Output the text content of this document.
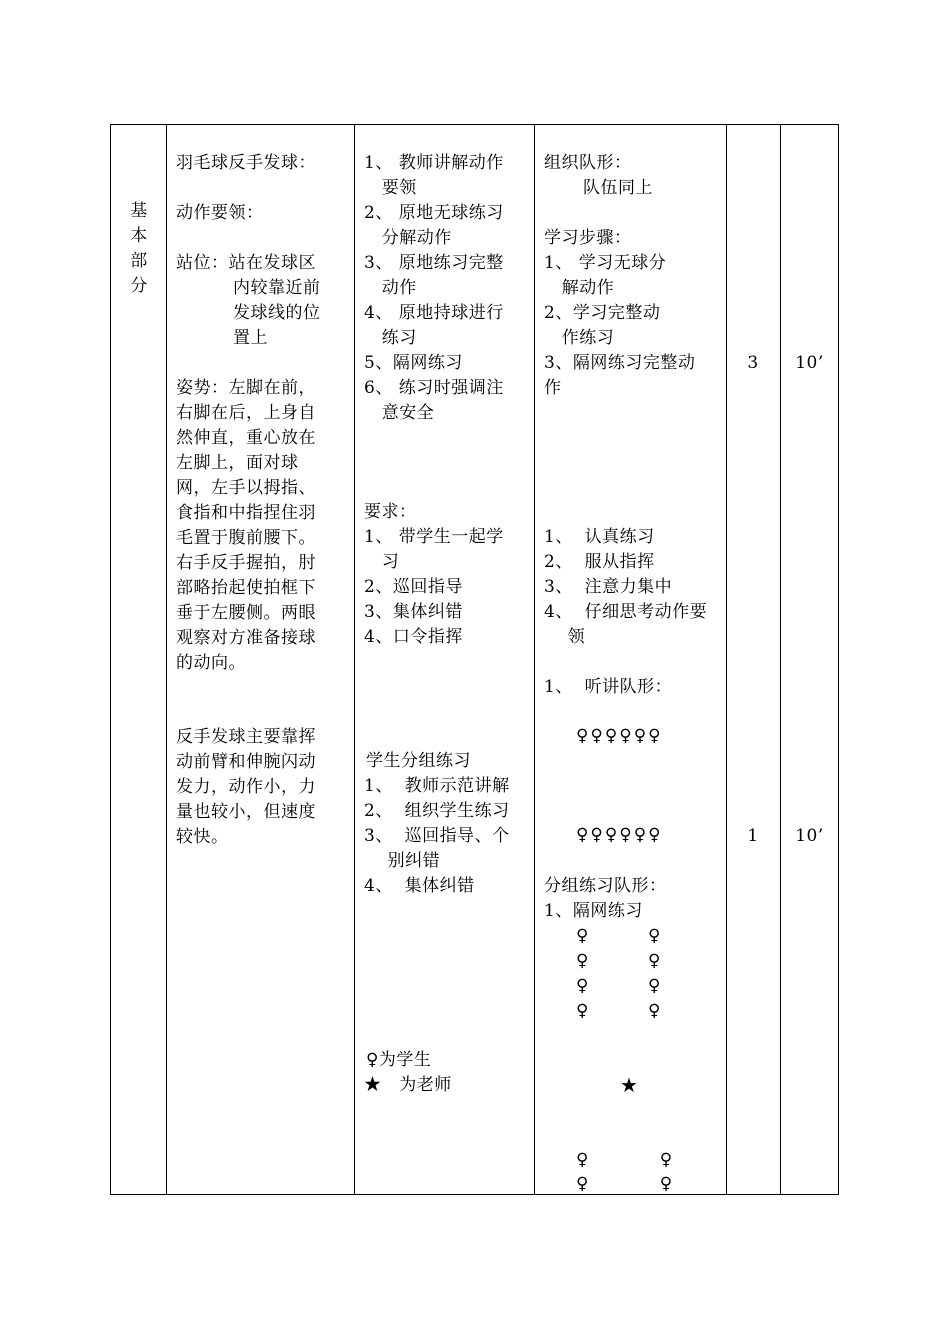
基
本
部
分
羽毛球反手发球：
动作要领：
站位：站在发球区
内较靠近前
发球线的位
置上
姿势：左脚在前，
右脚在后，上身自
然伸直，重心放在
左脚上，面对球
网，左手以拇指、
食指和中指捏住羽
毛置于腹前腰下。
右手反手握拍，肘
部略抬起使拍框下
垂于左腰侧。两眼
观察对方准备接球
的动向。
反手发球主要靠挥
动前臂和伸腕闪动
发力，动作小，力
量也较小，但速度
较快。
1、 教师讲解动作
要领
2、 原地无球练习
分解动作
3、 原地练习完整
动作
4、 原地持球进行
练习
5、隔网练习
6、 练习时强调注
意安全
要求：
1、 带学生一起学
习
2、巡回指导
3、集体纠错
4、口令指挥
学生分组练习
1、  教师示范讲解
2、  组织学生练习
3、  巡回指导、个
别纠错
4、  集体纠错
♀为学生
★   为老师
组织队形：
队伍同上
学习步骤：
1、 学习无球分
解动作
2、学习完整动
作练习
3、隔网练习完整动
作
1、  认真练习
2、  服从指挥
3、  注意力集中
4、  仔细思考动作要
领
1、  听讲队形：
♀♀♀♀♀♀
♀♀♀♀♀♀
分组练习队形：
1、隔网练习
♀          ♀
♀          ♀
♀          ♀
♀          ♀
★
♀            ♀
♀            ♀
3
1
10’
10’
